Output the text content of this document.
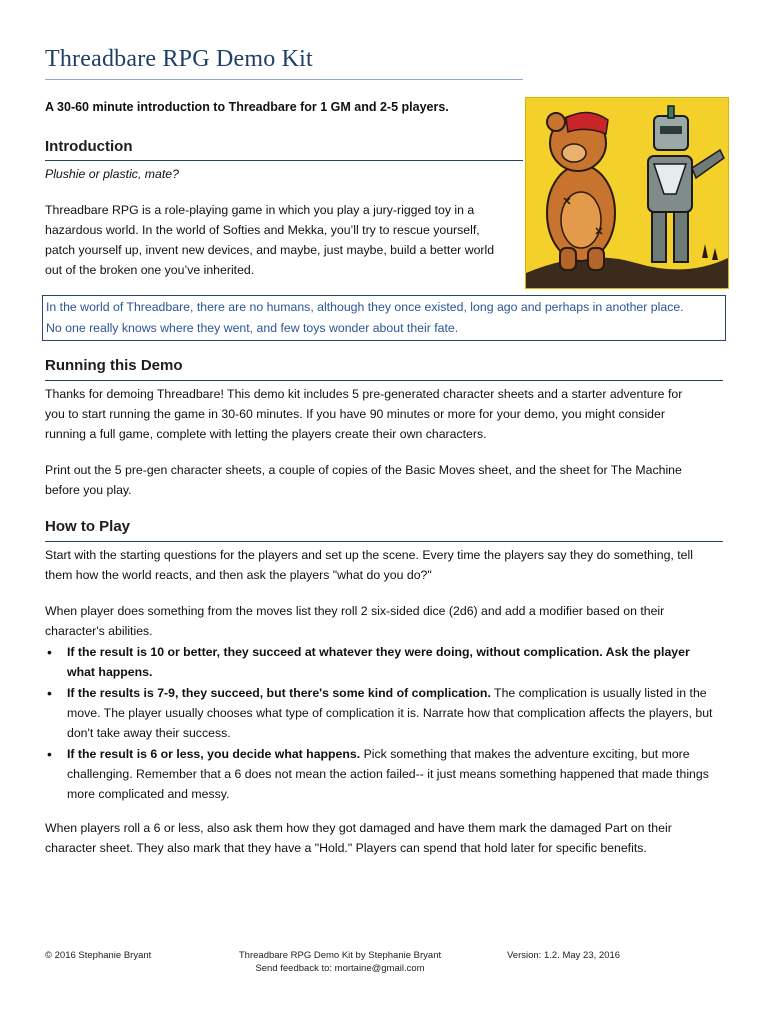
Threadbare RPG Demo Kit
A 30-60 minute introduction to Threadbare for 1 GM and 2-5 players.
Introduction

Plushie or plastic, mate?

Threadbare RPG is a role-playing game in which you play a jury-rigged toy in a
hazardous world. In the world of Softies and Mekka, you’ll try to rescue yourself,
patch yourself up, invent new devices, and maybe, just maybe, build a better world
out of the broken one you’ve inherited.

In the world of Threadbare, there are no humans, although they once existed, long ago and perhaps in another place.

No one really knows where they went, and few toys wonder about their fate.

Running this Demo
Thanks for demoing Threadbare! This demo kit includes 5 pre-generated character sheets and a starter adventure for
you to start running the game in 30-60 minutes. If you have 90 minutes or more for your demo, you might consider
running a full game, complete with letting the players create their own characters.
Print out the 5 pre-gen character sheets, a couple of copies of the Basic Moves sheet, and the sheet for The Machine
before you play.
How to Play
Start with the starting questions for the players and set up the scene. Every time the players say they do something, tell
them how the world reacts, and then ask the players "what do you do?"
When player does something from the moves list they roll 2 six-sided dice (2d6) and add a modifier based on their
character's abilities.
• If the result is 10 or better, they succeed at whatever they were doing, without complication. Ask the player what happens.
• If the results is 7-9, they succeed, but there's some kind of complication. The complication is usually listed in the move. The player usually chooses what type of complication it is. Narrate how that complication affects the players, but don't take away their success.
• If the result is 6 or less, you decide what happens. Pick something that makes the adventure exciting, but more challenging. Remember that a 6 does not mean the action failed-- it just means something happened that made things more complicated and messy.
When players roll a 6 or less, also ask them how they got damaged and have them mark the damaged Part on their
character sheet. They also mark that they have a "Hold." Players can spend that hold later for specific benefits.
© 2016 Stephanie Bryant	Threadbare RPG Demo Kit by Stephanie Bryant
Send feedback to: mortaine@gmail.com
Version: 1.2. May 23, 2016
